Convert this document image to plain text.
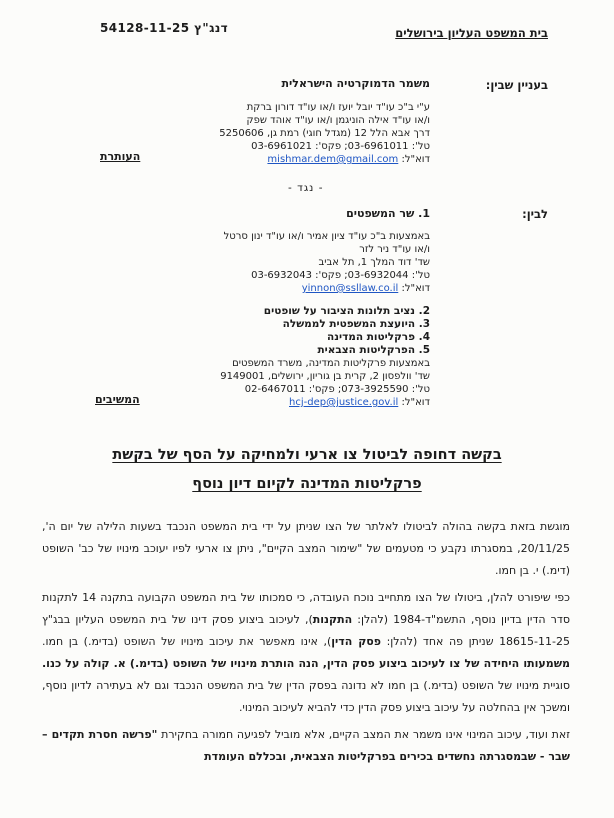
בית המשפט העליון בירושלים
דנג"ץ 54128-11-25
בעניין שבין:
משמר הדמוקרטיה הישראלית
ע"י ב"כ עו"ד יובל יועז ו/או עו"ד דורון ברקת
ו/או עו"ד אילה הוניגמן ו/או עו"ד אוהד שפק
דרך אבא הלל 12 (מגדל חוגי) רמת גן, 5250606
טל': 03-6961011; פקס': 03-6961021
דוא"ל: mishmar.dem@gmail.com
העותרת
- נגד -
לבין:
1. שר המשפטים
באמצעות ב"כ עו"ד ציון אמיר ו/או עו"ד ינון סרטל
ו/או עו"ד ניר לזר
שד' דוד המלך 1, תל אביב
טל': 03-6932044; פקס': 03-6932043
דוא"ל: yinnon@ssllaw.co.il
2. נציב תלונות הציבור על שופטים
3. היועצת המשפטית לממשלה
4. פרקליטות המדינה
5. הפרקליטות הצבאית
באמצעות פרקליטות המדינה, משרד המשפטים
שד' וולפסון 2, קרית בן גוריון, ירושלים, 9149001
טל': 073-3925590; פקס': 02-6467011
דוא"ל: hcj-dep@justice.gov.il
המשיבים
בקשה דחופה לביטול צו ארעי ולמחיקה על הסף של בקשת
פרקליטות המדינה לקיום דיון נוסף

מוגשת בזאת בקשה בהולה לביטולו לאלתר של הצו שניתן על ידי בית המשפט הנכבד בשעות הלילה של יום ה', 20/11/25, במסגרתו נקבע כי מטעמים של "שימור המצב הקיים", ניתן צו ארעי לפיו יעוכב מינויו של כב' השופט (דימ.) י. בן חמו.

כפי שיפורט להלן, ביטולו של הצו מתחייב נוכח העובדה, כי סמכותו של בית המשפט הקבועה בתקנה 14 לתקנות סדר הדין בדיון נוסף, התשמ"ד-1984 (להלן: התקנות), לעיכוב ביצוע פסק דינו של בית המשפט העליון בבג"ץ 18615-11-25 שניתן פה אחד (להלן: פסק הדין), אינו מאפשר את עיכוב מינויו של השופט (בדימ.) בן חמו. משמעותו היחידה של צו לעיכוב ביצוע פסק הדין, הנה הותרת מינויו של השופט (בדימ.) א. קולה על כנו. סוגיית מינויו של השופט (בדימ.) בן חמו לא נדונה בפסק הדין של בית המשפט הנכבד וגם לא בעתירה לדיון נוסף, ומשכך אין בהחלטה על עיכוב ביצוע פסק הדין כדי להביא לעיכוב המינוי.

זאת ועוד, עיכוב המינוי אינו משמר את המצב הקיים, אלא מוביל לפגיעה חמורה בחקירת "פרשה חסרת תקדים – שבר - שבמסגרתה נחשדים בכירים בפרקליטות הצבאית, ובכללם העומדת
